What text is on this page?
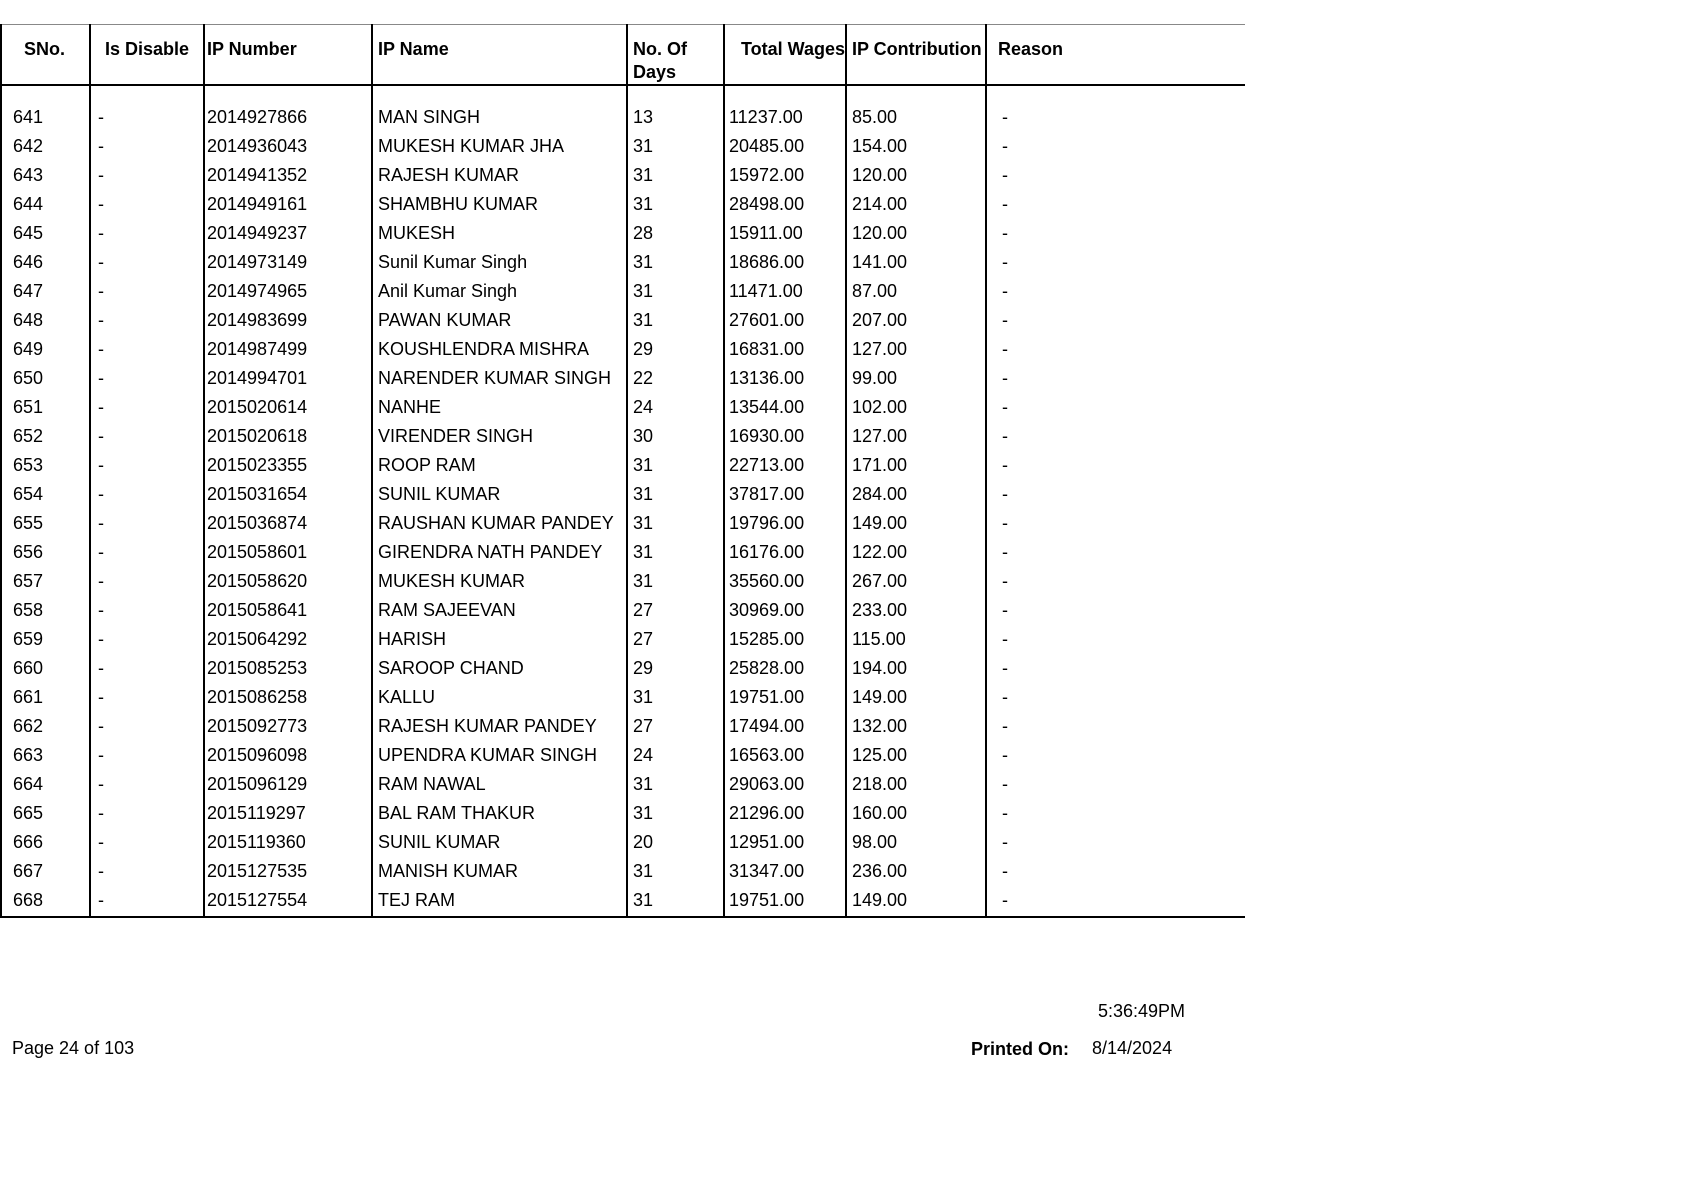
SNo.	Is Disable	IP Number	IP Name	No. Of Days	Total Wages	IP Contribution	Reason
641	-	2014927866	MAN SINGH	13	11237.00	85.00	-
642	-	2014936043	MUKESH KUMAR JHA	31	20485.00	154.00	-
643	-	2014941352	RAJESH KUMAR	31	15972.00	120.00	-
644	-	2014949161	SHAMBHU KUMAR	31	28498.00	214.00	-
645	-	2014949237	MUKESH	28	15911.00	120.00	-
646	-	2014973149	Sunil Kumar Singh	31	18686.00	141.00	-
647	-	2014974965	Anil Kumar Singh	31	11471.00	87.00	-
648	-	2014983699	PAWAN KUMAR	31	27601.00	207.00	-
649	-	2014987499	KOUSHLENDRA MISHRA	29	16831.00	127.00	-
650	-	2014994701	NARENDER KUMAR SINGH	22	13136.00	99.00	-
651	-	2015020614	NANHE	24	13544.00	102.00	-
652	-	2015020618	VIRENDER SINGH	30	16930.00	127.00	-
653	-	2015023355	ROOP RAM	31	22713.00	171.00	-
654	-	2015031654	SUNIL KUMAR	31	37817.00	284.00	-
655	-	2015036874	RAUSHAN KUMAR PANDEY	31	19796.00	149.00	-
656	-	2015058601	GIRENDRA NATH PANDEY	31	16176.00	122.00	-
657	-	2015058620	MUKESH KUMAR	31	35560.00	267.00	-
658	-	2015058641	RAM SAJEEVAN	27	30969.00	233.00	-
659	-	2015064292	HARISH	27	15285.00	115.00	-
660	-	2015085253	SAROOP CHAND	29	25828.00	194.00	-
661	-	2015086258	KALLU	31	19751.00	149.00	-
662	-	2015092773	RAJESH KUMAR PANDEY	27	17494.00	132.00	-
663	-	2015096098	UPENDRA KUMAR SINGH	24	16563.00	125.00	-
664	-	2015096129	RAM NAWAL	31	29063.00	218.00	-
665	-	2015119297	BAL RAM THAKUR	31	21296.00	160.00	-
666	-	2015119360	SUNIL KUMAR	20	12951.00	98.00	-
667	-	2015127535	MANISH KUMAR	31	31347.00	236.00	-
668	-	2015127554	TEJ RAM	31	19751.00	149.00	-
5:36:49PM
Page 24 of 103	Printed On: 8/14/2024
